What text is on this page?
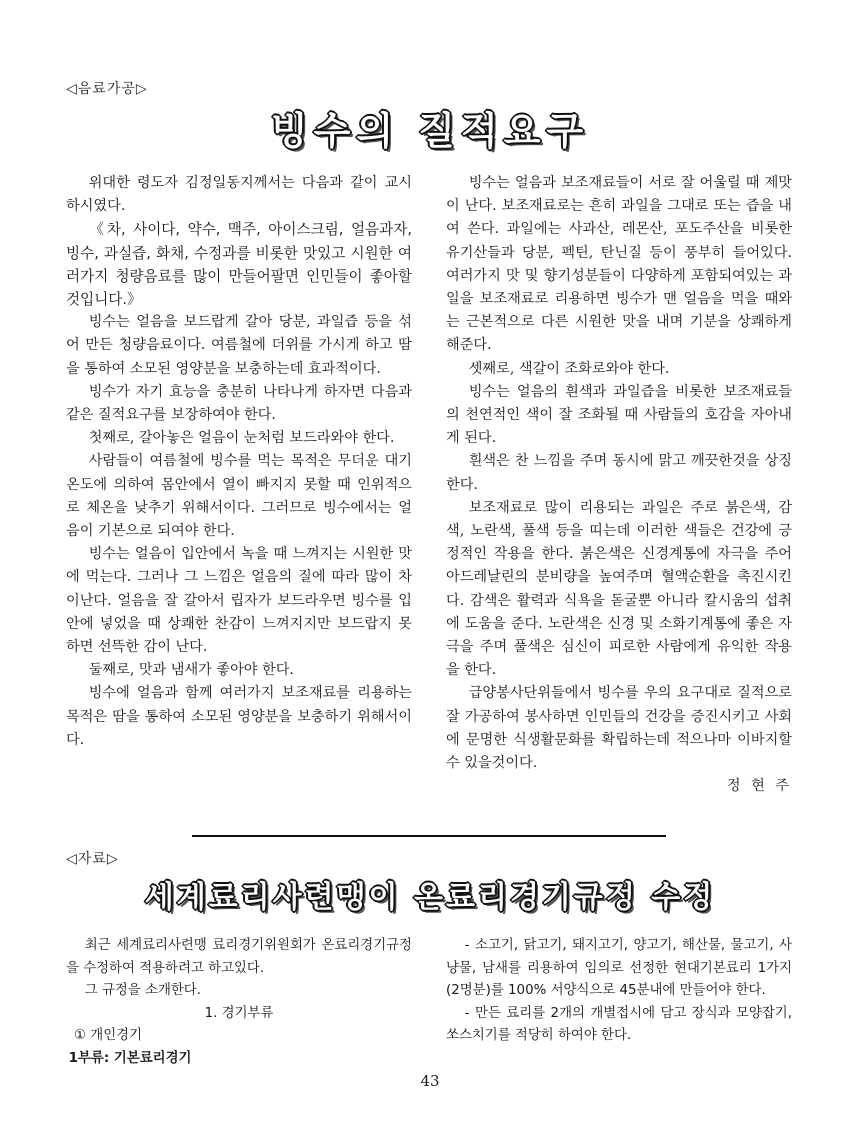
◁음료가공▷
빙수의 질적요구

위대한 령도자 김정일동지께서는 다음과 같이 교시하시였다.

《차, 사이다, 약수, 맥주, 아이스크림, 얼음과자, 빙수, 과실즙, 화채, 수정과를 비롯한 맛있고 시원한 여러가지 청량음료를 많이 만들어팔면 인민들이 좋아할것입니다.》

빙수는 얼음을 보드랍게 갈아 당분, 과일즙 등을 섞어 만든 청량음료이다. 여름철에 더위를 가시게 하고 땀을 통하여 소모된 영양분을 보충하는데 효과적이다.

빙수가 자기 효능을 충분히 나타나게 하자면 다음과 같은 질적요구를 보장하여야 한다.

첫째로, 갈아놓은 얼음이 눈처럼 보드라와야 한다.

사람들이 여름철에 빙수를 먹는 목적은 무더운 대기온도에 의하여 몸안에서 열이 빠지지 못할 때 인위적으로 체온을 낮추기 위해서이다. 그러므로 빙수에서는 얼음이 기본으로 되여야 한다.

빙수는 얼음이 입안에서 녹을 때 느껴지는 시원한 맛에 먹는다. 그러나 그 느낌은 얼음의 질에 따라 많이 차이난다. 얼음을 잘 갈아서 립자가 보드라우면 빙수를 입안에 넣었을 때 상쾌한 찬감이 느껴지지만 보드랍지 못하면 선뜩한 감이 난다.

둘째로, 맛과 냄새가 좋아야 한다.

빙수에 얼음과 함께 여러가지 보조재료를 리용하는 목적은 땀을 통하여 소모된 영양분을 보충하기 위해서이다.

빙수는 얼음과 보조재료들이 서로 잘 어울릴 때 제맛이 난다. 보조재료로는 흔히 과일을 그대로 또는 즙을 내여 쓴다. 과일에는 사과산, 레몬산, 포도주산을 비롯한 유기산들과 당분, 펙틴, 탄닌질 등이 풍부히 들어있다. 여러가지 맛 및 향기성분들이 다양하게 포함되여있는 과일을 보조재료로 리용하면 빙수가 맨 얼음을 먹을 때와는 근본적으로 다른 시원한 맛을 내며 기분을 상쾌하게 해준다.

셋째로, 색갈이 조화로와야 한다.

빙수는 얼음의 흰색과 과일즙을 비롯한 보조재료들의 천연적인 색이 잘 조화될 때 사람들의 호감을 자아내게 된다.

흰색은 찬 느낌을 주며 동시에 맑고 깨끗한것을 상징한다.

보조재료로 많이 리용되는 과일은 주로 붉은색, 감색, 노란색, 풀색 등을 띠는데 이러한 색들은 건강에 긍정적인 작용을 한다. 붉은색은 신경계통에 자극을 주어 아드레날린의 분비량을 높여주며 혈액순환을 촉진시킨다. 감색은 활력과 식욕을 돋굴뿐 아니라 칼시움의 섭취에 도움을 준다. 노란색은 신경 및 소화기계통에 좋은 자극을 주며 풀색은 심신이 피로한 사람에게 유익한 작용을 한다.

급양봉사단위들에서 빙수를 우의 요구대로 질적으로 잘 가공하여 봉사하면 인민들의 건강을 증진시키고 사회에 문명한 식생활문화를 확립하는데 적으나마 이바지할수 있을것이다.

정 현 주

◁자료▷
세계료리사련맹이 온료리경기규정 수정

최근 세계료리사련맹 료리경기위원회가 온료리경기규정을 수정하여 적용하려고 하고있다.

그 규정을 소개한다.

1. 경기부류

① 개인경기

1부류: 기본료리경기

- 소고기, 닭고기, 돼지고기, 양고기, 해산물, 물고기, 사냥물, 남새를 리용하여 임의로 선정한 현대기본료리 1가지(2명분)를 100% 서양식으로 45분내에 만들어야 한다.

- 만든 료리를 2개의 개별접시에 담고 장식과 모양잡기, 쏘스치기를 적당히 하여야 한다.

43
